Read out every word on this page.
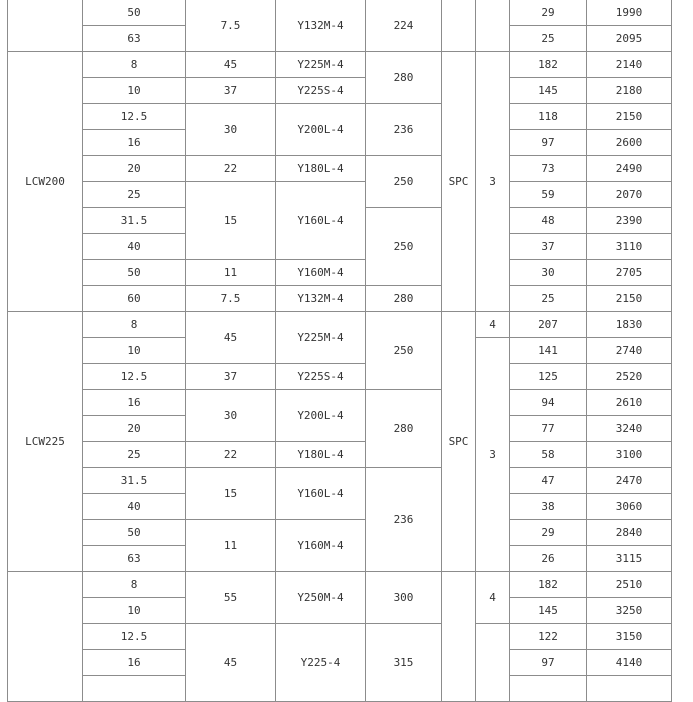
	50	7.5	Y132M-4	224			29	1990
	63						25	2095
LCW200	8	45	Y225M-4	280	SPC	3	182	2140
	10	37	Y225S-4				145	2180
	12.5	30	Y200L-4	236			118	2150
	16						97	2600
	20	22	Y180L-4	250			73	2490
	25	15	Y160L-4				59	2070
	31.5			250			48	2390
	40						37	3110
	50	11	Y160M-4				30	2705
	60	7.5	Y132M-4	280			25	2150
LCW225	8	45	Y225M-4	250	SPC	4	207	1830
	10					3	141	2740
	12.5	37	Y225S-4				125	2520
	16	30	Y200L-4	280			94	2610
	20						77	3240
	25	22	Y180L-4				58	3100
	31.5	15	Y160L-4	236			47	2470
	40						38	3060
	50	11	Y160M-4				29	2840
	63						26	3115
	8	55	Y250M-4	300		4	182	2510
	10						145	3250
	12.5	45	Y225-4	315			122	3150
	16						97	4140
